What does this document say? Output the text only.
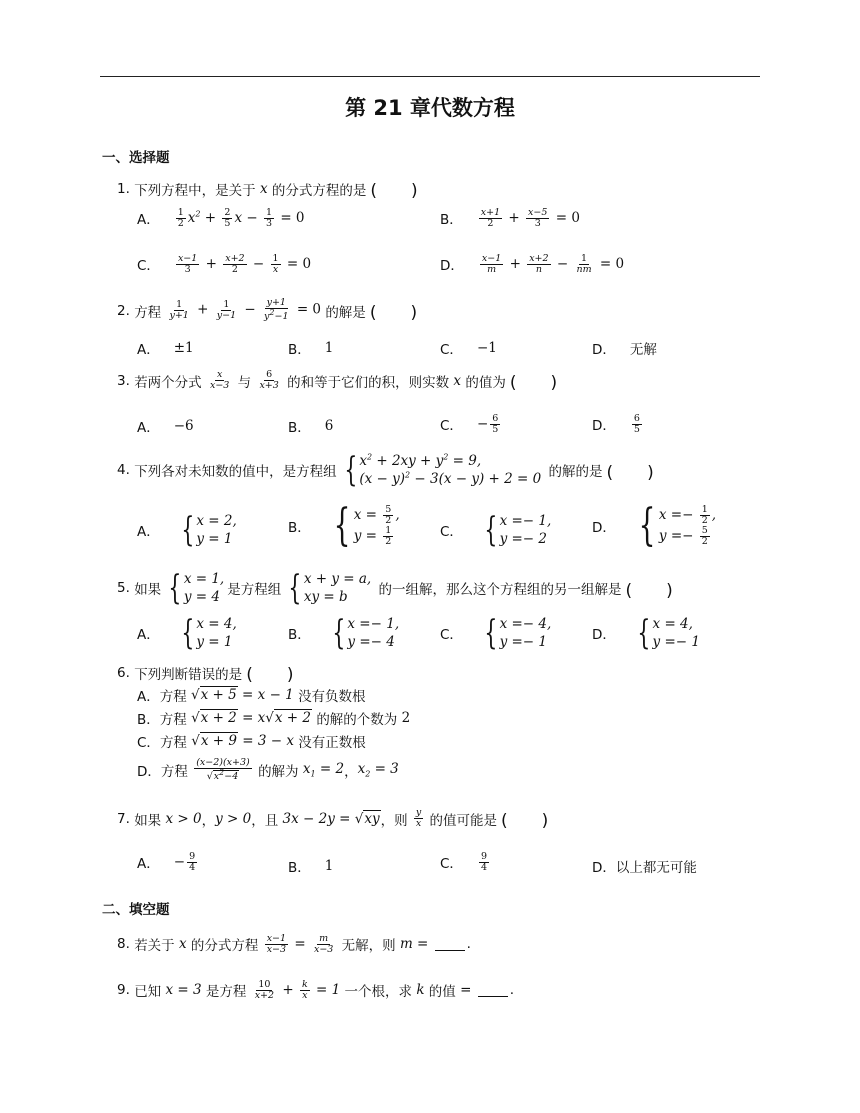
第 21 章代数方程
一、选择题
1.
下列方程中，是关于
x
的分式方程的是 (　　)
A． $\frac{1}{2} x^2 + \frac{2}{5}$ $x - \frac{1}{3} = 0$	B． $\frac{x+1}{2} + \frac{x-5}{3} = 0$
C． $\frac{x-1}{3} + \frac{x+2}{2} - \frac{1}{x} = 0$	D． $\frac{x-1}{m} + \frac{x+2}{n} - \frac{1}{nm} = 0$
2.
方程
$\frac{1}{y+1} + \frac{1}{y-1} - \frac{y+1}{y^2-1} = 0$
的解是 (　　)
A． ±1	B． 1	C． −1	D． 无解
3.
若两个分式
$\frac{x}{x-3}$
与
$\frac{6}{x+3}$
的和等于它们的积，则实数
x
的值为 (　　)
A． −6	B． 6	C． − $\frac{6}{5}$	D． $\frac{6}{5}$
4.
下列各对未知数的值中，是方程组 { $x^2 + 2xy + y^2 = 9$,
$(x - y)^2 - 3(x - y) + 2 = 0$
的解的是 (　　)
A． { x = 2,
y = 1
B． { $x = \frac{5}{2}$ ,
$y = \frac{1}{2}$	C． { x =− 1,
y =− 2
D． { $x =- \frac{1}{2}$ ,
$y =- \frac{5}{2}$
5.
如果 { x = 1,
y = 4 是方程组 { x + y = a,
xy = b
	的一组解，那么这个方程组的另一组解是 (　　)
A． { x = 4,
y = 1	B． { x =− 1,
y =− 4	C． { x =− 4,
y =− 1	D． { x = 4,
y =− 1
6.
下列判断错误的是 (　　)
A． 方程
√x + 5 = x − 1
没有负数根
B． 方程
√x + 2 = x√x + 2
的解的个数为
2
C． 方程
√x + 9 = 3 − x
没有正数根
D． 方程
$\frac{(x-2)(x+3)}{√x^2-4}$
的解为
$x_1 = 2$ ， $x_2 = 3$
7.
如果
x > 0 ， y > 0 ，且
3x − 2y = √xy ，则
$\frac{y}{x}$
的值可能是 (　　)
A． − $\frac{9}{4}$	B． 1	C． $\frac{9}{4}$	D． 以上都无可能
二、填空题
8.
若关于
x
的分式方程
$\frac{x-1}{x-3} = \frac{m}{x-3}$
无解，则
m =
	.
9.
已知
x = 3
是方程
$\frac{10}{x+2} + \frac{k}{x} = 1$
一个根，求
k
的值 =	.
